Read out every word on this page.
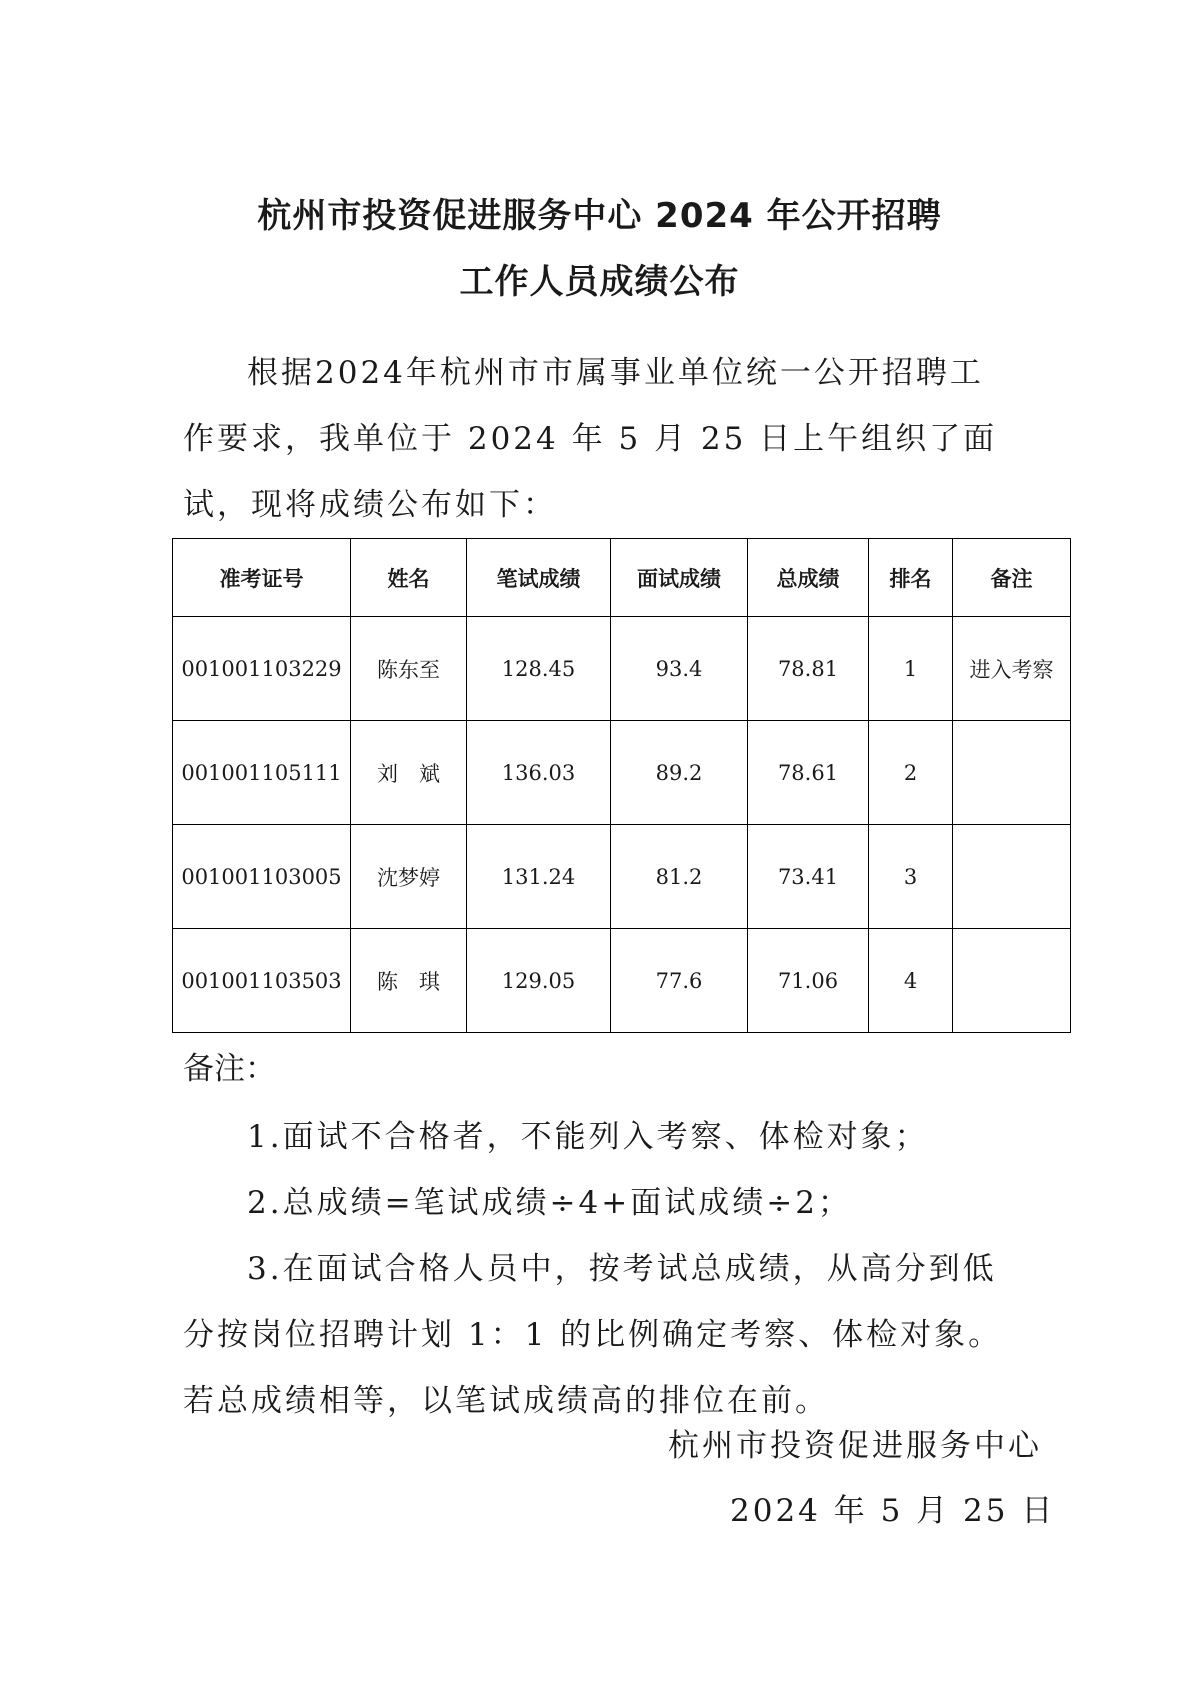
杭州市投资促进服务中心 2024 年公开招聘
工作人员成绩公布

根据2024年杭州市市属事业单位统一公开招聘工作要求，我单位于 2024 年 5 月 25 日上午组织了面试，现将成绩公布如下：

准考证号	姓名	笔试成绩	面试成绩	总成绩	排名	备注
001001103229	陈东至	128.45	93.4	78.81	1	进入考察
001001105111	刘　斌	136.03	89.2	78.61	2	
001001103005	沈梦婷	131.24	81.2	73.41	3	
001001103503	陈　琪	129.05	77.6	71.06	4	

备注：

1.面试不合格者，不能列入考察、体检对象；

2.总成绩=笔试成绩÷4+面试成绩÷2；

3.在面试合格人员中，按考试总成绩，从高分到低分按岗位招聘计划 1：1 的比例确定考察、体检对象。若总成绩相等，以笔试成绩高的排位在前。

杭州市投资促进服务中心

2024 年 5 月 25 日
